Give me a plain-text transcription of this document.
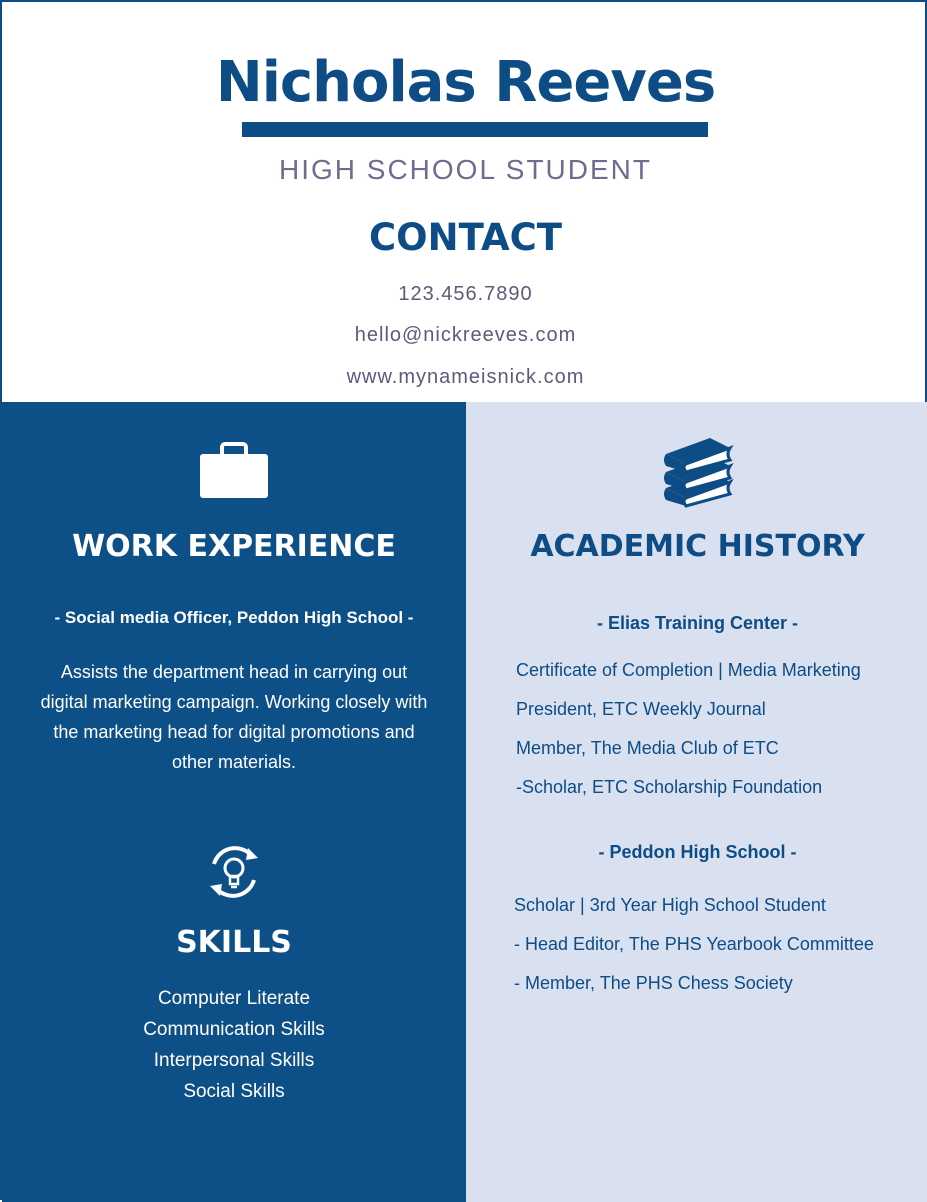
Nicholas Reeves
HIGH SCHOOL STUDENT
CONTACT
123.456.7890
hello@nickreeves.com
www.mynameisnick.com
WORK EXPERIENCE
- Social media Officer, Peddon High School -

Assists the department head in carrying out digital marketing campaign. Working closely with the marketing head for digital promotions and other materials.

SKILLS
Computer Literate
Communication Skills
Interpersonal Skills
Social Skills
ACADEMIC HISTORY
- Elias Training Center -
Certificate of Completion | Media Marketing
President, ETC Weekly Journal
Member, The Media Club of ETC
-Scholar, ETC Scholarship Foundation
- Peddon High School -
Scholar | 3rd Year High School Student
- Head Editor, The PHS Yearbook Committee
- Member, The PHS Chess Society
